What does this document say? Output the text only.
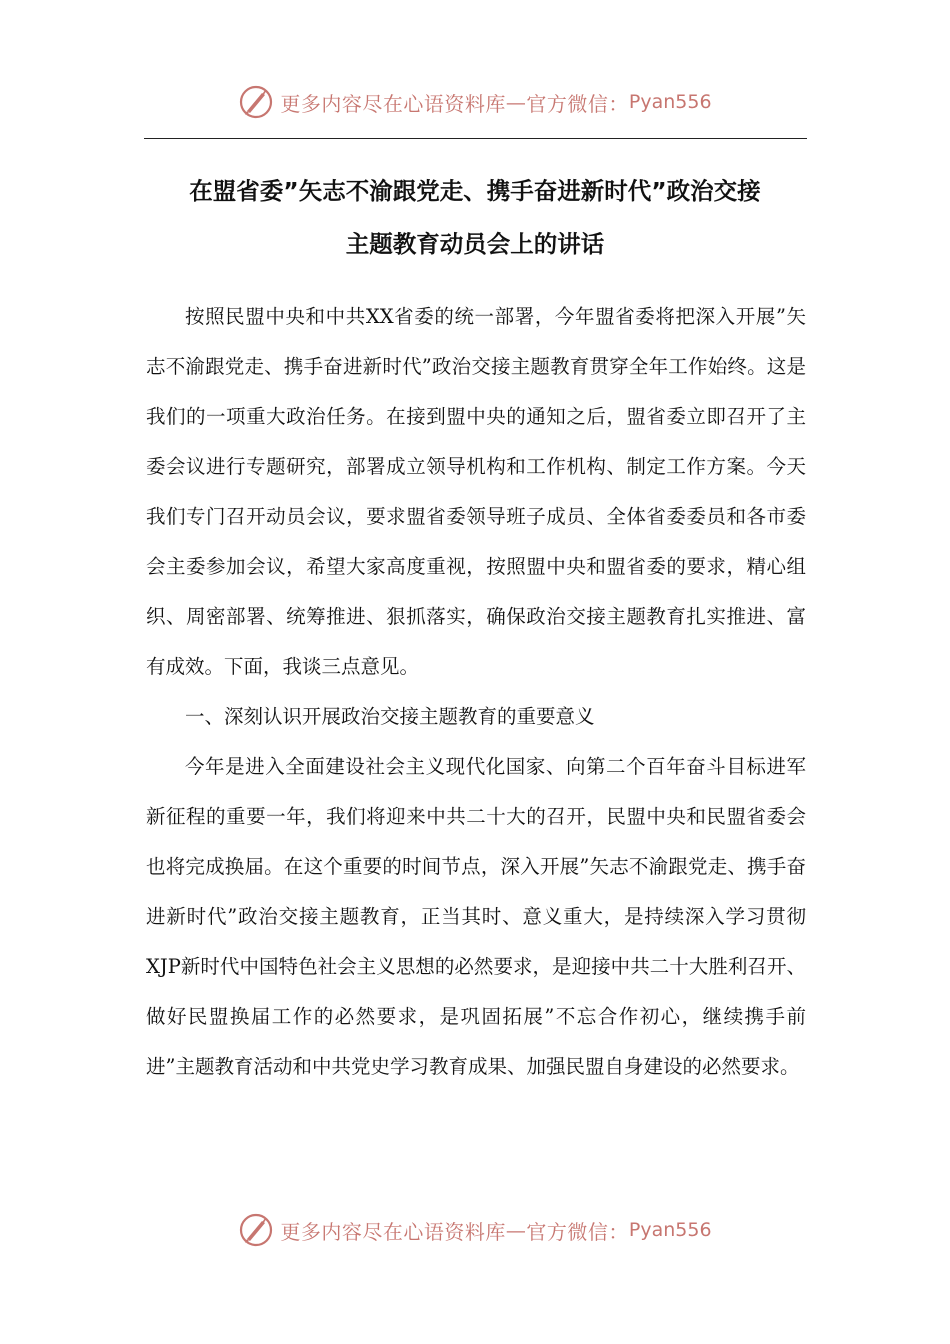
更多内容尽在心语资料库 — 官方微信： Pyan556
在盟省委”矢志不渝跟党走、携手奋进新时代”政治交接
主题教育动员会上的讲话

按照民盟中央和中共XX省委的统一部署，今年盟省委将把深入开展”矢志不渝跟党走、携手奋进新时代”政治交接主题教育贯穿全年工作始终。这是我们的一项重大政治任务。在接到盟中央的通知之后，盟省委立即召开了主委会议进行专题研究，部署成立领导机构和工作机构、制定工作方案。今天我们专门召开动员会议，要求盟省委领导班子成员、全体省委委员和各市委会主委参加会议，希望大家高度重视，按照盟中央和盟省委的要求，精心组织、周密部署、统筹推进、狠抓落实，确保政治交接主题教育扎实推进、富有成效。下面，我谈三点意见。

一、深刻认识开展政治交接主题教育的重要意义

今年是进入全面建设社会主义现代化国家、向第二个百年奋斗目标进军新征程的重要一年，我们将迎来中共二十大的召开，民盟中央和民盟省委会也将完成换届。在这个重要的时间节点，深入开展”矢志不渝跟党走、携手奋进新时代”政治交接主题教育，正当其时、意义重大，是持续深入学习贯彻XJP新时代中国特色社会主义思想的必然要求，是迎接中共二十大胜利召开、做好民盟换届工作的必然要求，是巩固拓展”不忘合作初心，继续携手前进”主题教育活动和中共党史学习教育成果、加强民盟自身建设的必然要求。

更多内容尽在心语资料库 — 官方微信： Pyan556
